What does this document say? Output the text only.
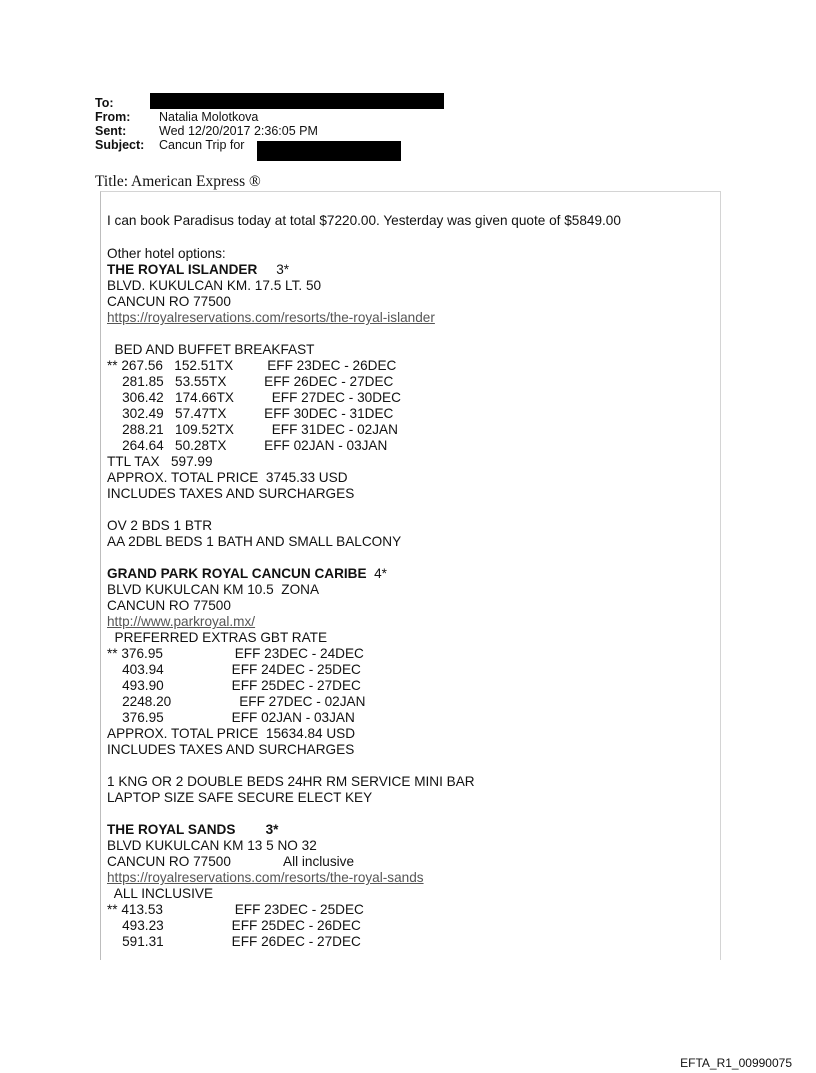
To:
From: Natalia Molotkova
Sent:	Wed 12/20/2017 2:36:05 PM
Subject: Cancun Trip for
Title: American Express ®
I can book Paradisus today at total $7220.00. Yesterday was given quote of $5849.00
Other hotel options:
THE ROYAL ISLANDER     3*
BLVD. KUKULCAN KM. 17.5 LT. 50
CANCUN RO 77500
https://royalreservations.com/resorts/the-royal-islander
BED AND BUFFET BREAKFAST
** 267.56   152.51TX         EFF 23DEC - 26DEC
281.85   53.55TX          EFF 26DEC - 27DEC
306.42   174.66TX          EFF 27DEC - 30DEC
302.49   57.47TX          EFF 30DEC - 31DEC
288.21   109.52TX          EFF 31DEC - 02JAN
264.64   50.28TX          EFF 02JAN - 03JAN
TTL TAX   597.99
APPROX. TOTAL PRICE  3745.33 USD
INCLUDES TAXES AND SURCHARGES
OV 2 BDS 1 BTR
AA 2DBL BEDS 1 BATH AND SMALL BALCONY
GRAND PARK ROYAL CANCUN CARIBE  4*
BLVD KUKULCAN KM 10.5  ZONA
CANCUN RO 77500
http://www.parkroyal.mx/
PREFERRED EXTRAS GBT RATE
** 376.95                   EFF 23DEC - 24DEC
403.94                  EFF 24DEC - 25DEC
493.90                  EFF 25DEC - 27DEC
2248.20                  EFF 27DEC - 02JAN
376.95                  EFF 02JAN - 03JAN
APPROX. TOTAL PRICE  15634.84 USD
INCLUDES TAXES AND SURCHARGES
1 KNG OR 2 DOUBLE BEDS 24HR RM SERVICE MINI BAR
LAPTOP SIZE SAFE SECURE ELECT KEY
THE ROYAL SANDS        3*
BLVD KUKULCAN KM 13 5 NO 32
CANCUN RO 77500              All inclusive
https://royalreservations.com/resorts/the-royal-sands
ALL INCLUSIVE
** 413.53                   EFF 23DEC - 25DEC
493.23                  EFF 25DEC - 26DEC
591.31                  EFF 26DEC - 27DEC
EFTA_R1_00990075
